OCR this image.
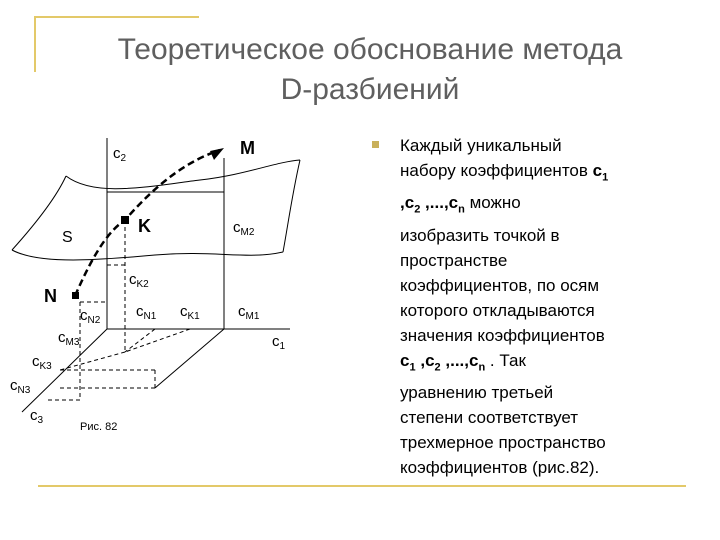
Теоретическое обоснование метода
D-разбиений
$c_2$
M
K
S
N
$c_{M2}$
$c_{K2}$
$c_{N2}$
$c_{N1}$ $c_{K1}$	$c_{M1}$
$c_1$
$c_{M3}$
$c_{K3}$
$c_{N3}$
$c_3$
Рис. 82
Каждый уникальный
набору коэффициентов $c_1$
$,c_2$ $,...,c_n$ можно
изобразить точкой в
пространстве
коэффициентов, по осям
которого откладываются
значения коэффициентов
$c_1$ $,c_2$ $,...,c_n$ . Так
уравнению третьей
степени соответствует
трехмерное пространство
коэффициентов (рис.82).
